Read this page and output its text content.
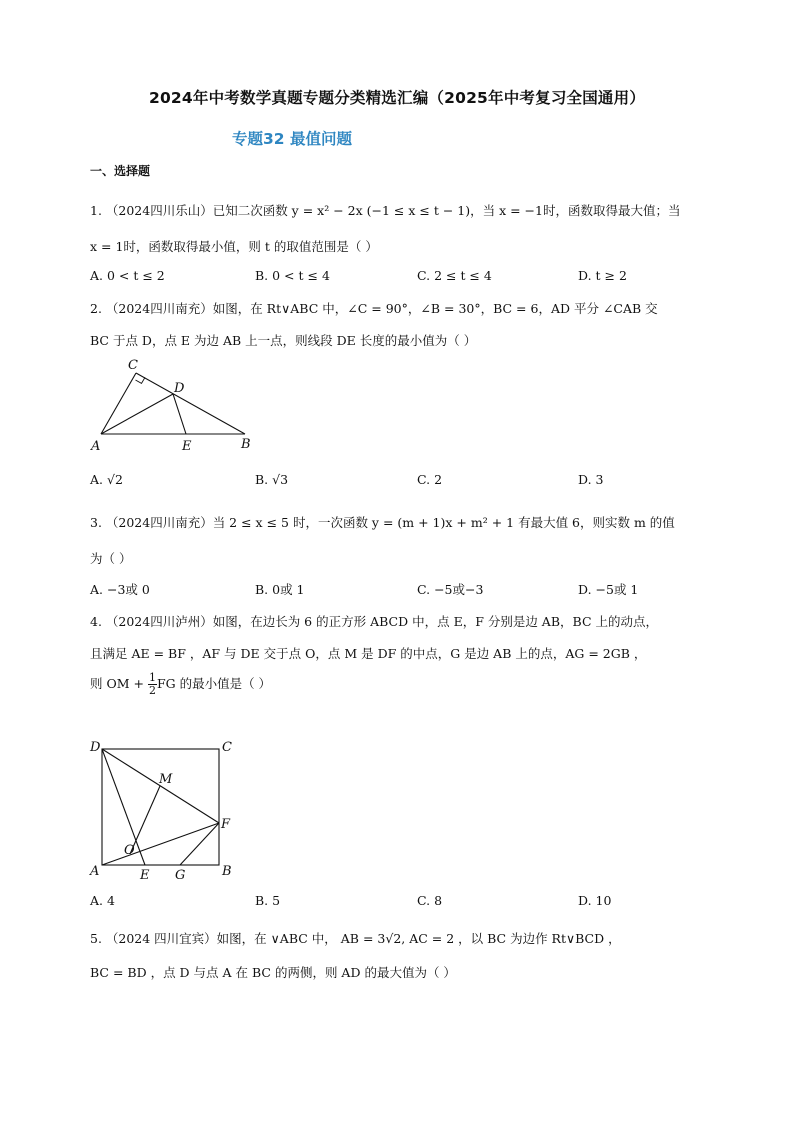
2024年中考数学真题专题分类精选汇编（2025年中考复习全国通用）
专题32 最值问题
一、选择题
1. （2024四川乐山）已知二次函数 y = x² − 2x (−1 ≤ x ≤ t − 1)，当 x = −1时，函数取得最大值；当
x = 1时，函数取得最小值，则 t 的取值范围是（ ）
A. 0 < t ≤ 2	B. 0 < t ≤ 4	C. 2 ≤ t ≤ 4	D. t ≥ 2
2. （2024四川南充）如图，在 Rt∨ABC 中，∠C = 90°，∠B = 30°，BC = 6，AD 平分 ∠CAB 交
BC 于点 D，点 E 为边 AB 上一点，则线段 DE 长度的最小值为（ ）
C
D
A	E	B
A. √2	B. √3	C. 2	D. 3
3. （2024四川南充）当 2 ≤ x ≤ 5 时，一次函数 y = (m + 1)x + m² + 1 有最大值 6，则实数 m 的值
为（ ）
A. −3或 0	B. 0或 1	C. −5或−3	D. −5或 1
4. （2024四川泸州）如图，在边长为 6 的正方形 ABCD 中，点 E，F 分别是边 AB，BC 上的动点，
且满足 AE = BF ，AF 与 DE 交于点 O，点 M 是 DF 的中点，G 是边 AB 上的点，AG = 2GB ，
则 OM + $\frac{1}{2}$ FG 的最小值是（ ）
D	C
M
F
O
A	E G	B
A. 4	B. 5	C. 8	D. 10
5. （2024 四川宜宾）如图，在 ∨ABC 中， AB = 3√2, AC = 2 ，以 BC 为边作 Rt∨BCD ，
BC = BD ，点 D 与点 A 在 BC 的两侧，则 AD 的最大值为（ ）
